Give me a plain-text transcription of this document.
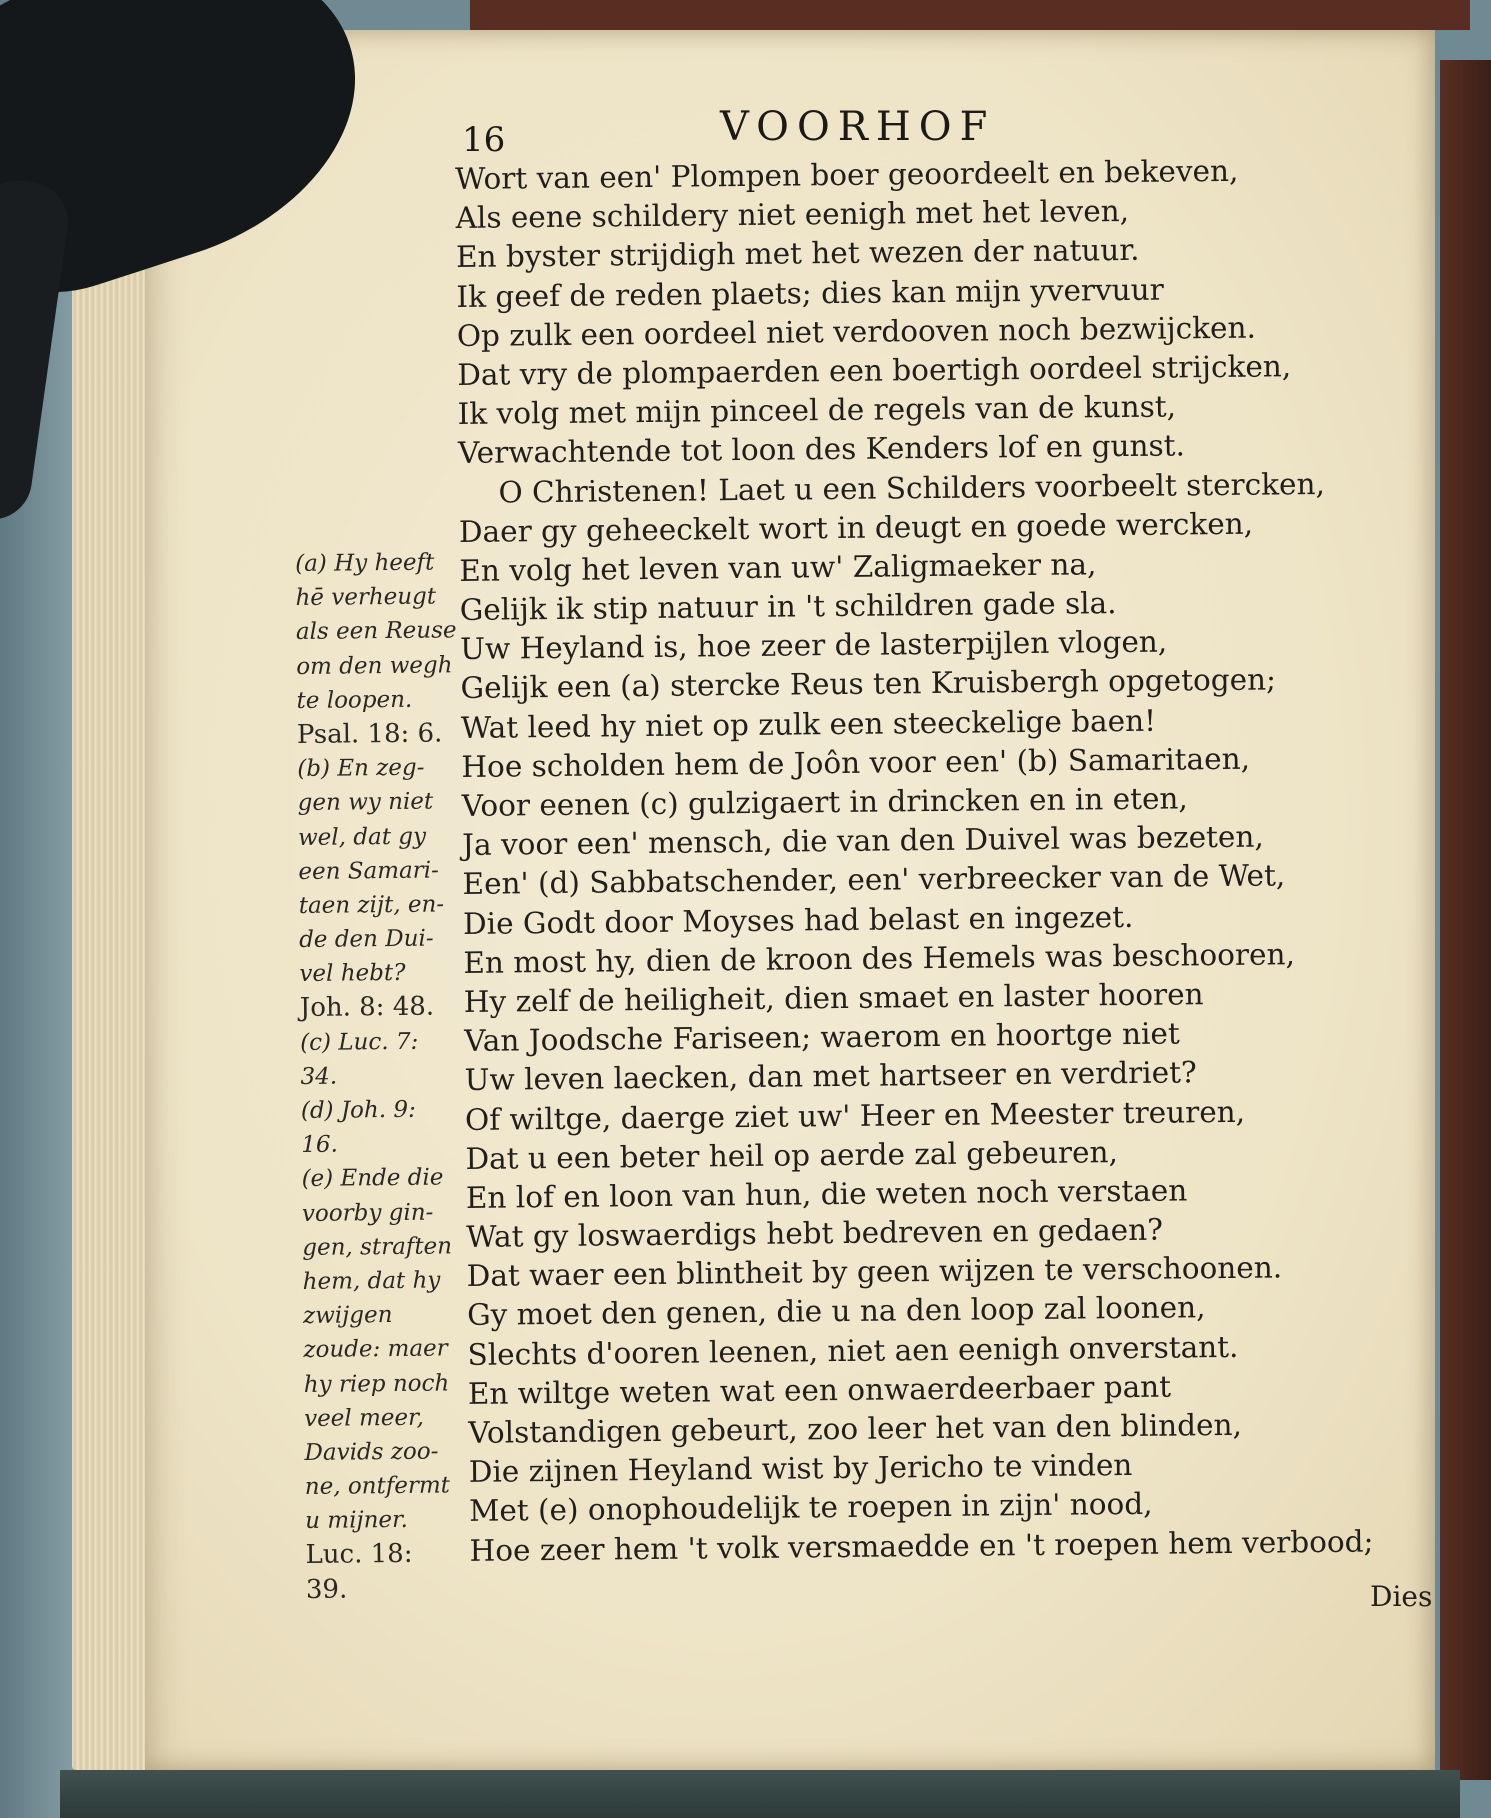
16	VOORHOF
Wort van een' Plompen boer geoordeelt en bekeven,
Als eene schildery niet eenigh met het leven,
En byster strijdigh met het wezen der natuur.
Ik geef de reden plaets; dies kan mijn yvervuur
Op zulk een oordeel niet verdooven noch bezwijcken.
Dat vry de plompaerden een boertigh oordeel strijcken,
Ik volg met mijn pinceel de regels van de kunst,
Verwachtende tot loon des Kenders lof en gunst.
O Christenen! Laet u een Schilders voorbeelt stercken,
Daer gy geheeckelt wort in deugt en goede wercken,
En volg het leven van uw' Zaligmaeker na,
Gelijk ik stip natuur in 't schildren gade sla.
Uw Heyland is, hoe zeer de lasterpijlen vlogen,
Gelijk een (a) stercke Reus ten Kruisbergh opgetogen;
Wat leed hy niet op zulk een steeckelige baen!
Hoe scholden hem de Joôn voor een' (b) Samaritaen,
Voor eenen (c) gulzigaert in drincken en in eten,
Ja voor een' mensch, die van den Duivel was bezeten,
Een' (d) Sabbatschender, een' verbreecker van de Wet,
Die Godt door Moyses had belast en ingezet.
En most hy, dien de kroon des Hemels was beschooren,
Hy zelf de heiligheit, dien smaet en laster hooren
Van Joodsche Fariseen; waerom en hoortge niet
Uw leven laecken, dan met hartseer en verdriet?
Of wiltge, daerge ziet uw' Heer en Meester treuren,
Dat u een beter heil op aerde zal gebeuren,
En lof en loon van hun, die weten noch verstaen
Wat gy loswaerdigs hebt bedreven en gedaen?
Dat waer een blintheit by geen wijzen te verschoonen.
Gy moet den genen, die u na den loop zal loonen,
Slechts d'ooren leenen, niet aen eenigh onverstant.
En wiltge weten wat een onwaerdeerbaer pant
Volstandigen gebeurt, zoo leer het van den blinden,
Die zijnen Heyland wist by Jericho te vinden
Met (e) onophoudelijk te roepen in zijn' nood,
Hoe zeer hem 't volk versmaedde en 't roepen hem verbood;
(a) Hy heeft
hē verheugt
als een Reuse
om den wegh
te loopen.
Psal. 18: 6.
(b) En zeg-
gen wy niet
wel, dat gy
een Samari-
taen zijt, en-
de den Dui-
vel hebt?
Joh. 8: 48.
(c) Luc. 7:
34.
(d) Joh. 9:
16.
(e) Ende die
voorby gin-
gen, straften
hem, dat hy
zwijgen
zoude: maer
hy riep noch
veel meer,
Davids zoo-
ne, ontfermt
u mijner.
Luc. 18:
39.	Dies
